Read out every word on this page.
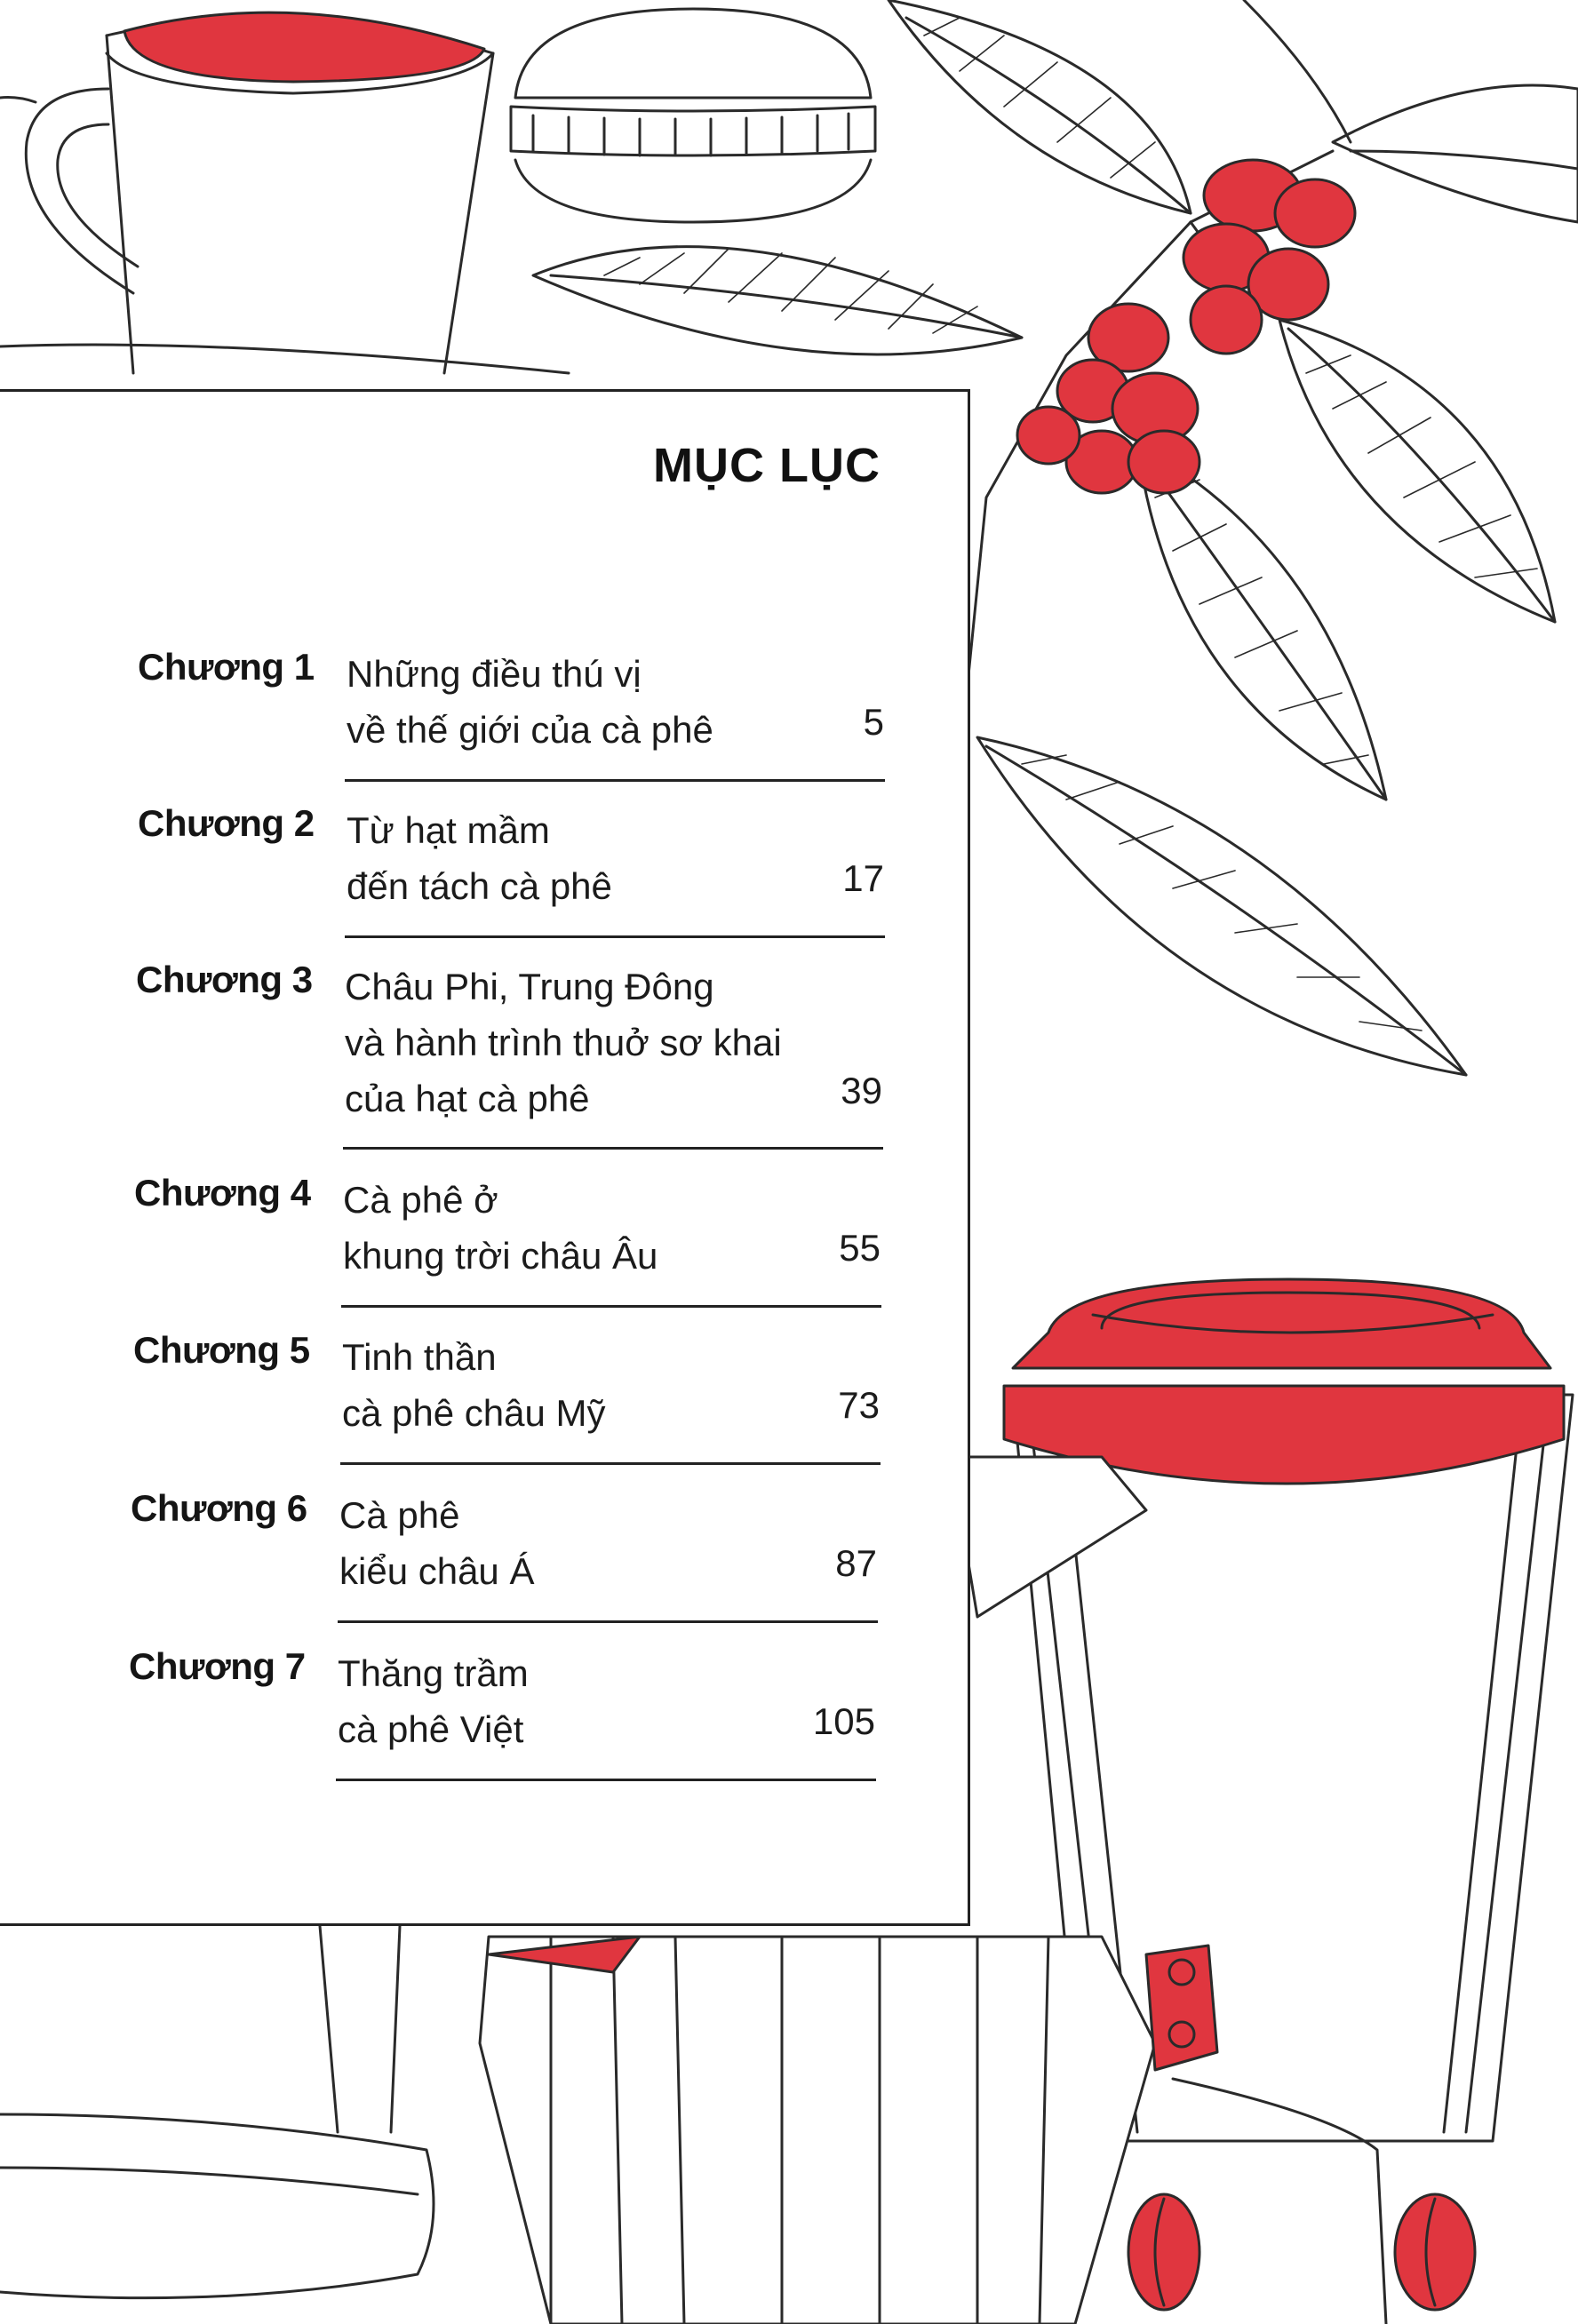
MỤC LỤC
Chương 1 Những điều thú vị
về thế giới của cà phê	5
Chương 2 Từ hạt mầm
đến tách cà phê	17
Chương 3 Châu Phi, Trung Đông
và hành trình thuở sơ khai
của hạt cà phê	39
Chương 4 Cà phê ở
khung trời châu Âu	55
Chương 5 Tinh thần
cà phê châu Mỹ	73
Chương 6 Cà phê
kiểu châu Á	87
Chương 7 Thăng trầm
cà phê Việt	105
